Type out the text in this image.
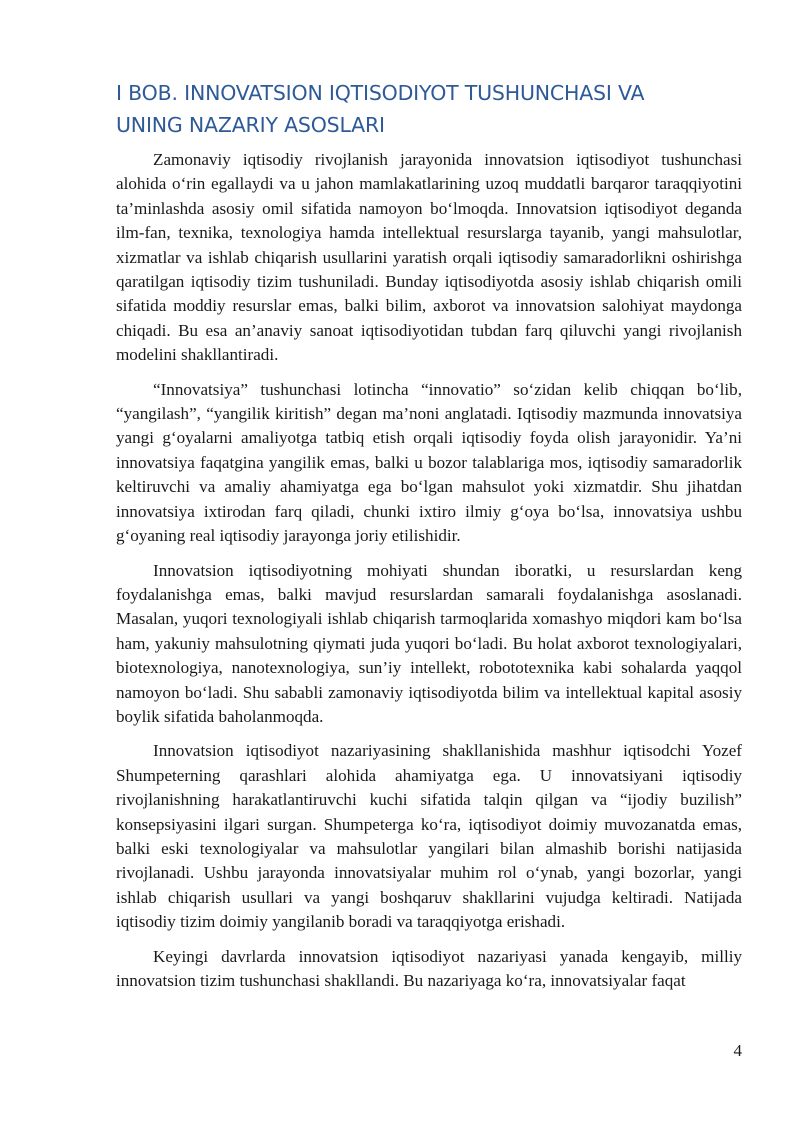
I BOB. INNOVATSION IQTISODIYOT TUSHUNCHASI VA
UNING NAZARIY ASOSLARI

Zamonaviy iqtisodiy rivojlanish jarayonida innovatsion iqtisodiyot tushunchasi alohida o‘rin egallaydi va u jahon mamlakatlarining uzoq muddatli barqaror taraqqiyotini ta’minlashda asosiy omil sifatida namoyon bo‘lmoqda. Innovatsion iqtisodiyot deganda ilm-fan, texnika, texnologiya hamda intellektual resurslarga tayanib, yangi mahsulotlar, xizmatlar va ishlab chiqarish usullarini yaratish orqali iqtisodiy samaradorlikni oshirishga qaratilgan iqtisodiy tizim tushuniladi. Bunday iqtisodiyotda asosiy ishlab chiqarish omili sifatida moddiy resurslar emas, balki bilim, axborot va innovatsion salohiyat maydonga chiqadi. Bu esa an’anaviy sanoat iqtisodiyotidan tubdan farq qiluvchi yangi rivojlanish modelini shakllantiradi.

“Innovatsiya” tushunchasi lotincha “innovatio” so‘zidan kelib chiqqan bo‘lib, “yangilash”, “yangilik kiritish” degan ma’noni anglatadi. Iqtisodiy mazmunda innovatsiya yangi g‘oyalarni amaliyotga tatbiq etish orqali iqtisodiy foyda olish jarayonidir. Ya’ni innovatsiya faqatgina yangilik emas, balki u bozor talablariga mos, iqtisodiy samaradorlik keltiruvchi va amaliy ahamiyatga ega bo‘lgan mahsulot yoki xizmatdir. Shu jihatdan innovatsiya ixtirodan farq qiladi, chunki ixtiro ilmiy g‘oya bo‘lsa, innovatsiya ushbu g‘oyaning real iqtisodiy jarayonga joriy etilishidir.

Innovatsion iqtisodiyotning mohiyati shundan iboratki, u resurslardan keng foydalanishga emas, balki mavjud resurslardan samarali foydalanishga asoslanadi. Masalan, yuqori texnologiyali ishlab chiqarish tarmoqlarida xomashyo miqdori kam bo‘lsa ham, yakuniy mahsulotning qiymati juda yuqori bo‘ladi. Bu holat axborot texnologiyalari, biotexnologiya, nanotexnologiya, sun’iy intellekt, robototexnika kabi sohalarda yaqqol namoyon bo‘ladi. Shu sababli zamonaviy iqtisodiyotda bilim va intellektual kapital asosiy boylik sifatida baholanmoqda.

Innovatsion iqtisodiyot nazariyasining shakllanishida mashhur iqtisodchi Yozef Shumpeterning qarashlari alohida ahamiyatga ega. U innovatsiyani iqtisodiy rivojlanishning harakatlantiruvchi kuchi sifatida talqin qilgan va “ijodiy buzilish” konsepsiyasini ilgari surgan. Shumpeterga ko‘ra, iqtisodiyot doimiy muvozanatda emas, balki eski texnologiyalar va mahsulotlar yangilari bilan almashib borishi natijasida rivojlanadi. Ushbu jarayonda innovatsiyalar muhim rol o‘ynab, yangi bozorlar, yangi ishlab chiqarish usullari va yangi boshqaruv shakllarini vujudga keltiradi. Natijada iqtisodiy tizim doimiy yangilanib boradi va taraqqiyotga erishadi.

Keyingi davrlarda innovatsion iqtisodiyot nazariyasi yanada kengayib, milliy innovatsion tizim tushunchasi shakllandi. Bu nazariyaga ko‘ra, innovatsiyalar faqat

4
